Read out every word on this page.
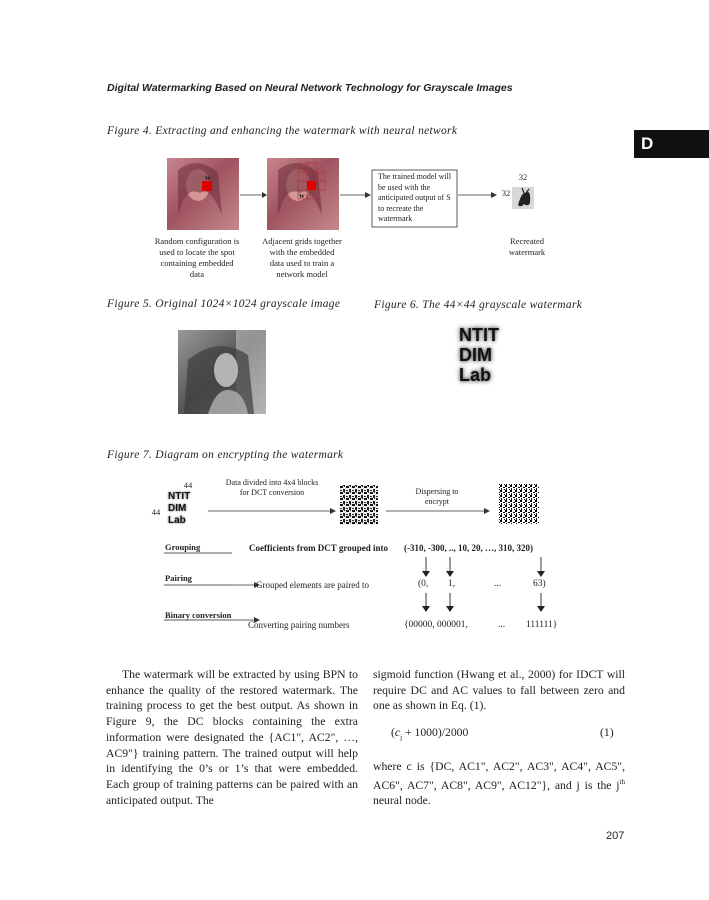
Digital Watermarking Based on Neural Network Technology for Grayscale Images
D
Figure 4. Extracting and enhancing the watermark with neural network
w
w
The trained model will be used with the anticipated output of S to recreate the watermark
32
32
Random configuration is used to locate the spot containing embedded data
Adjacent grids together with the embedded data used to train a network model
Recreated watermark
Figure 5. Original 1024×1024 grayscale image	Figure 6. The 44×44 grayscale watermark
NTIT
DIM
Lab
Figure 7. Diagram on encrypting the watermark
44
44
NTIT
DIM
Lab
Data divided into 4x4 blocks for DCT conversion	Dispersing to encrypt
Grouping	Coefficients from DCT grouped into (-310, -300, .., 10, 20, …, 310, 320)
Pairing
Grouped elements are paired to	(0, 1,	...	63)
Binary conversion
Converting pairing numbers	{00000, 000001,	... 111111}
The watermark will be extracted by using BPN to enhance the quality of the restored watermark. The training process to get the best output. As shown in Figure 9, the DC blocks containing the extra information were designated the {AC1", AC2", …, AC9"} training pattern. The trained output will help in identifying the 0’s or 1’s that were embedded. Each group of training patterns can be paired with an anticipated output. The
sigmoid function (Hwang et al., 2000) for IDCT will require DC and AC values to fall between zero and one as shown in Eq. (1).
$(c_j + 1000)/2000$	(1)
where c is {DC, AC1", AC2", AC3", AC4", AC5", AC6", AC7", AC8", AC9", AC12"}, and j is the $j^{th}$ neural node.
207
